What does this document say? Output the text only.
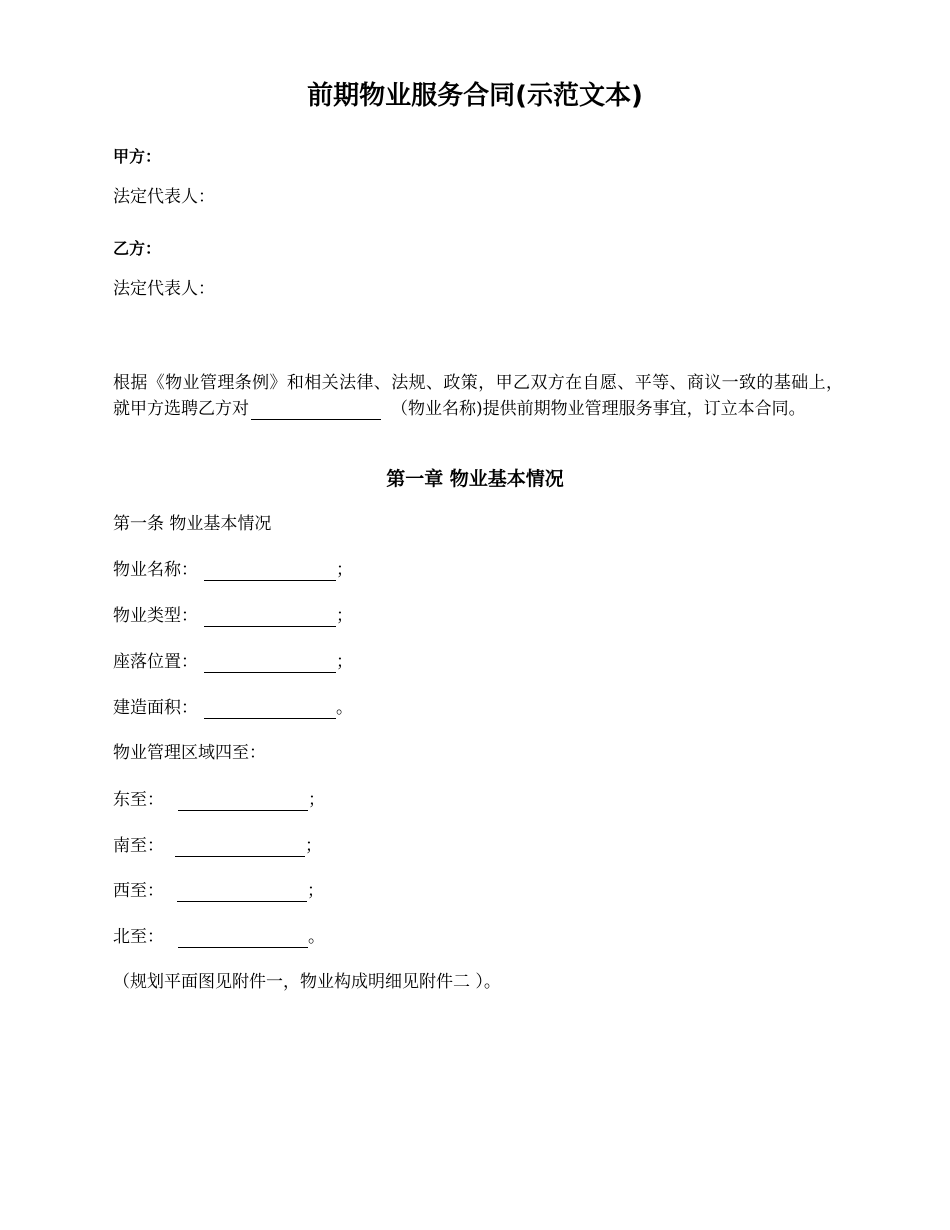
前期物业服务合同(示范文本)

甲方：

法定代表人：

乙方：

法定代表人：

根据《物业管理条例》和相关法律、法规、政策，甲乙双方在自愿、平等、商议一致的基础上，就甲方选聘乙方对	（物业名称)提供前期物业管理服务事宜，订立本合同。

第一章 物业基本情况

第一条 物业基本情况

物业名称：	；

物业类型：	；

座落位置：	；

建造面积：	。

物业管理区域四至：

东至：	；

南至：	；

西至：	；

北至：	。

（规划平面图见附件一，物业构成明细见附件二 ）。
